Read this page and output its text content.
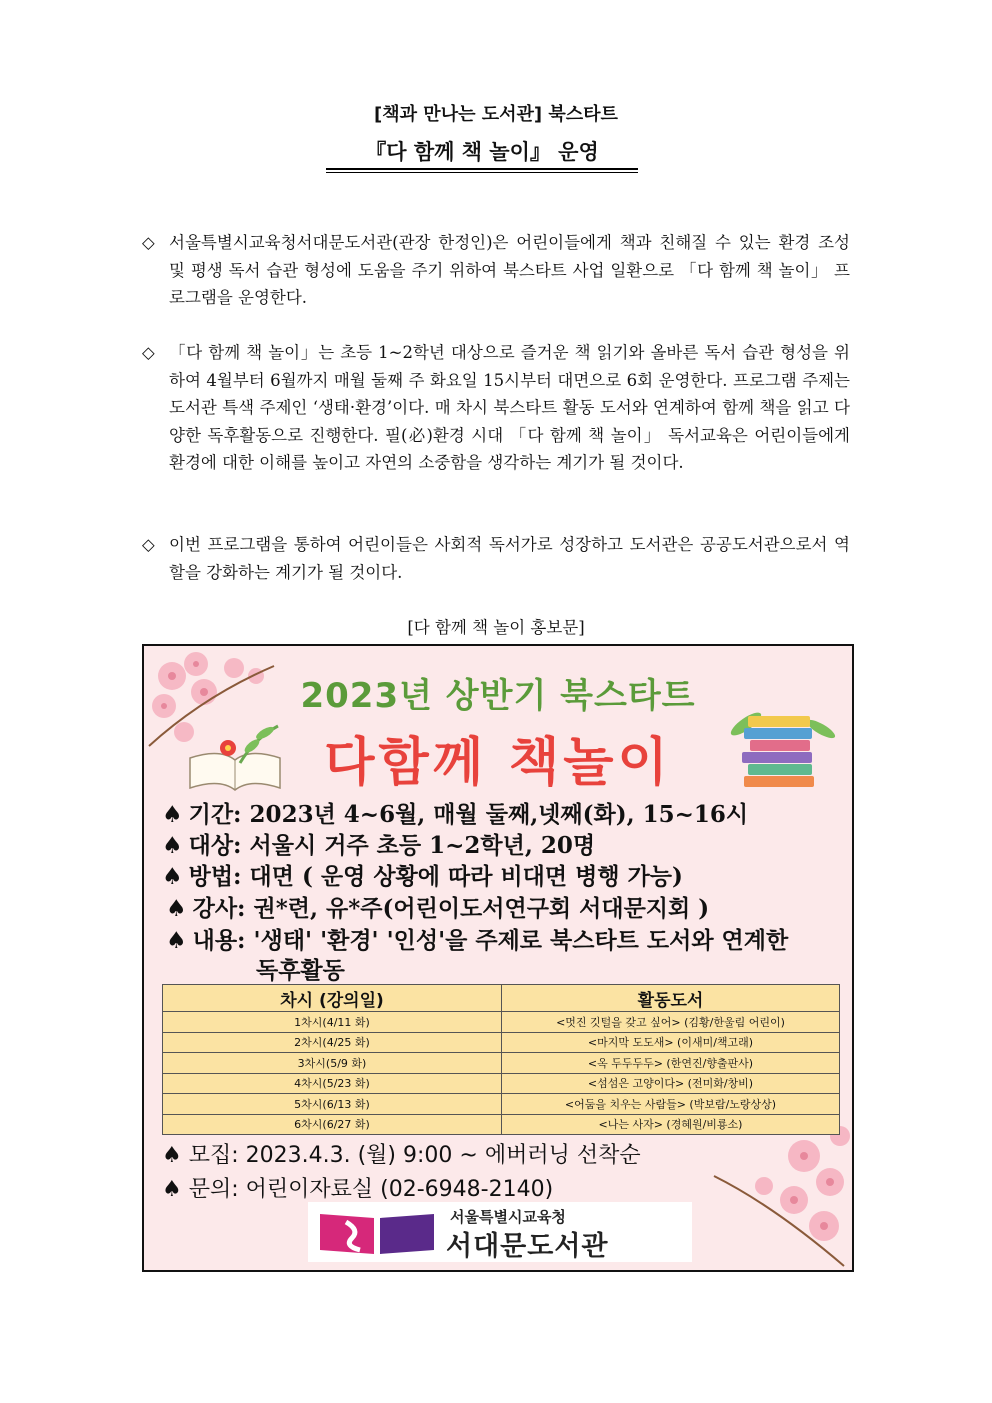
[책과 만나는 도서관] 북스타트
『다 함께 책 놀이』 운영
◇ 서울특별시교육청서대문도서관(관장 한정인)은 어린이들에게 책과 친해질 수 있는 환경 조성 및 평생 독서 습관 형성에 도움을 주기 위하여 북스타트 사업 일환으로 「다 함께 책 놀이」 프로그램을 운영한다.
◇ 「다 함께 책 놀이」는 초등 1~2학년 대상으로 즐거운 책 읽기와 올바른 독서 습관 형성을 위하여 4월부터 6월까지 매월 둘째 주 화요일 15시부터 대면으로 6회 운영한다. 프로그램 주제는 도서관 특색 주제인 ‘생태·환경’이다. 매 차시 북스타트 활동 도서와 연계하여 함께 책을 읽고 다양한 독후활동으로 진행한다. 필(必)환경 시대 「다 함께 책 놀이」 독서교육은 어린이들에게 환경에 대한 이해를 높이고 자연의 소중함을 생각하는 계기가 될 것이다.
◇ 이번 프로그램을 통하여 어린이들은 사회적 독서가로 성장하고 도서관은 공공도서관으로서 역할을 강화하는 계기가 될 것이다.
[다 함께 책 놀이 홍보문]
2023년 상반기 북스타트
다함께 책놀이
♠ 기간: 2023년 4~6월, 매월 둘째,넷째(화), 15~16시
♠ 대상: 서울시 거주 초등 1~2학년, 20명
♠ 방법: 대면 ( 운영 상황에 따라 비대면 병행 가능)
♠ 강사: 권*련, 유*주(어린이도서연구회 서대문지회 )
♠ 내용: '생태' '환경' '인성'을 주제로 북스타트 도서와 연계한
독후활동
차시 (강의일)	활동도서
1차시(4/11 화)	<멋진 깃털을 갖고 싶어> (김황/한울림 어린이)
2차시(4/25 화)	<마지막 도도새> (이새미/책고래)
3차시(5/9 화)	<옥 두두두두> (한연진/향출판사)
4차시(5/23 화)	<섬섬은 고양이다> (전미화/창비)
5차시(6/13 화)	<어둠을 치우는 사람들> (박보람/노랑상상)
6차시(6/27 화)	<나는 사자> (경혜원/비룡소)
♠ 모집: 2023.4.3. (월) 9:00 ~ 에버러닝 선착순
♠ 문의: 어린이자료실 (02-6948-2140)
서울특별시교육청
서대문도서관
